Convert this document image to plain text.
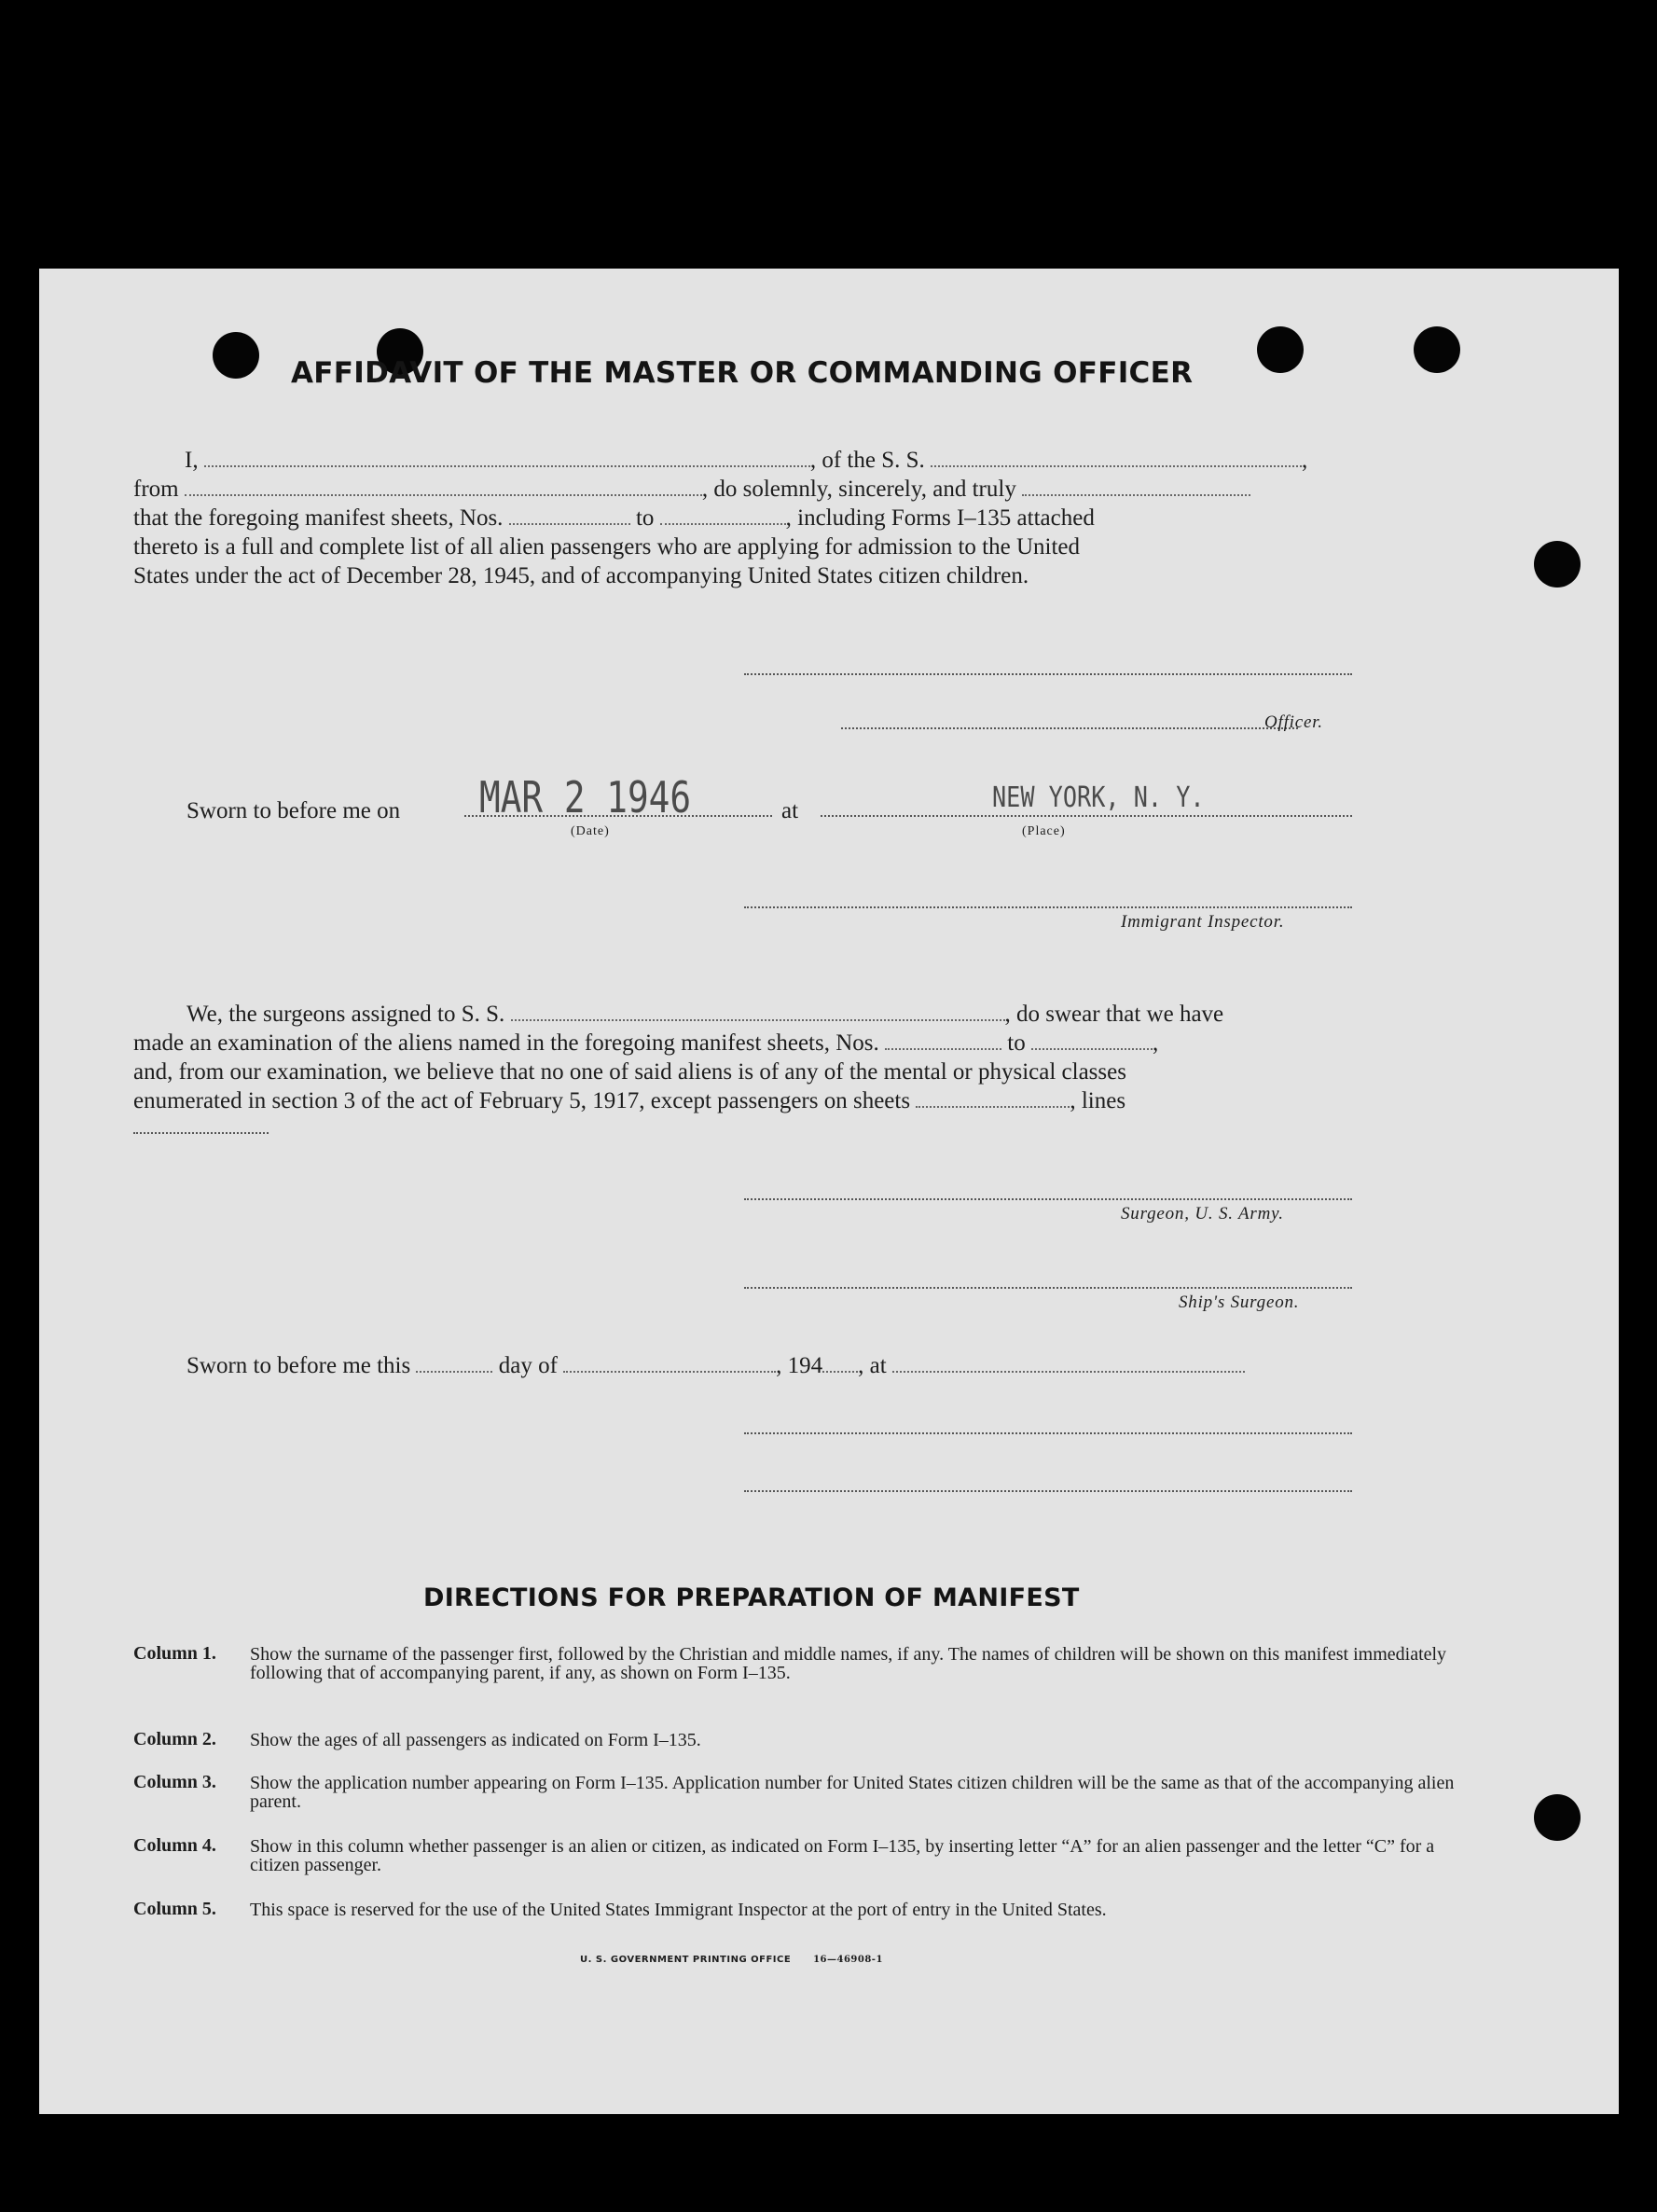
AFFIDAVIT OF THE MASTER OR COMMANDING OFFICER
I,	, of the S. S.	,
from	, do solemnly, sincerely, and truly
that the foregoing manifest sheets, Nos.	to	, including Forms I–135 attached
thereto is a full and complete list of all alien passengers who are applying for admission to the United
States under the act of December 28, 1945, and of accompanying United States citizen children.
Officer.
Sworn to before me on MAR 2 1946	at	NEW YORK, N. Y.
(Date)	(Place)
Immigrant Inspector.
We, the surgeons assigned to S. S.	, do swear that we have
made an examination of the aliens named in the foregoing manifest sheets, Nos.	to	,
and, from our examination, we believe that no one of said aliens is of any of the mental or physical classes
enumerated in section 3 of the act of February 5, 1917, except passengers on sheets	, lines
Surgeon, U. S. Army.
Ship's Surgeon.
Sworn to before me this	day of	, 194 , at
DIRECTIONS FOR PREPARATION OF MANIFEST
Column 1. Show the surname of the passenger first, followed by the Christian and middle names, if any. The names of children will be shown on this manifest immediately following that of accompanying parent, if any, as shown on Form I–135.
Column 2. Show the ages of all passengers as indicated on Form I–135.
Column 3. Show the application number appearing on Form I–135. Application number for United States citizen children will be the same as that of the accompanying alien parent.
Column 4. Show in this column whether passenger is an alien or citizen, as indicated on Form I–135, by inserting letter “A” for an alien passenger and the letter “C” for a citizen passenger.
Column 5. This space is reserved for the use of the United States Immigrant Inspector at the port of entry in the United States.
U. S. GOVERNMENT PRINTING OFFICE 16—46908-1
